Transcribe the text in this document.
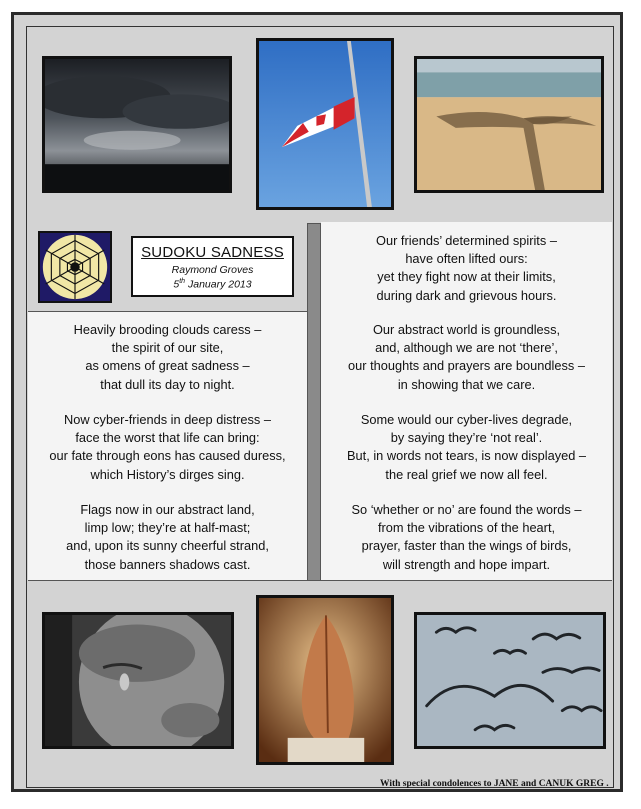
SUDOKU SADNESS
Raymond Groves
5th January 2013
Heavily brooding clouds caress –
the spirit of our site,
as omens of great sadness –
that dull its day to night.
Now cyber-friends in deep distress –
face the worst that life can bring:
our fate through eons has caused duress,
which History’s dirges sing.
Flags now in our abstract land,
limp low; they’re at half-mast;
and, upon its sunny cheerful strand,
those banners shadows cast.
Our friends’ determined spirits –
have often lifted ours:
yet they fight now at their limits,
during dark and grievous hours.
Our abstract world is groundless,
and, although we are not ‘there’,
our thoughts and prayers are boundless –
in showing that we care.
Some would our cyber-lives degrade,
by saying they’re ‘not real’.
But, in words not tears, is now displayed –
the real grief we now all feel.
So ‘whether or no’ are found the words –
from the vibrations of the heart,
prayer, faster than the wings of birds,
will strength and hope impart.
With special condolences to JANE and CANUK GREG .
